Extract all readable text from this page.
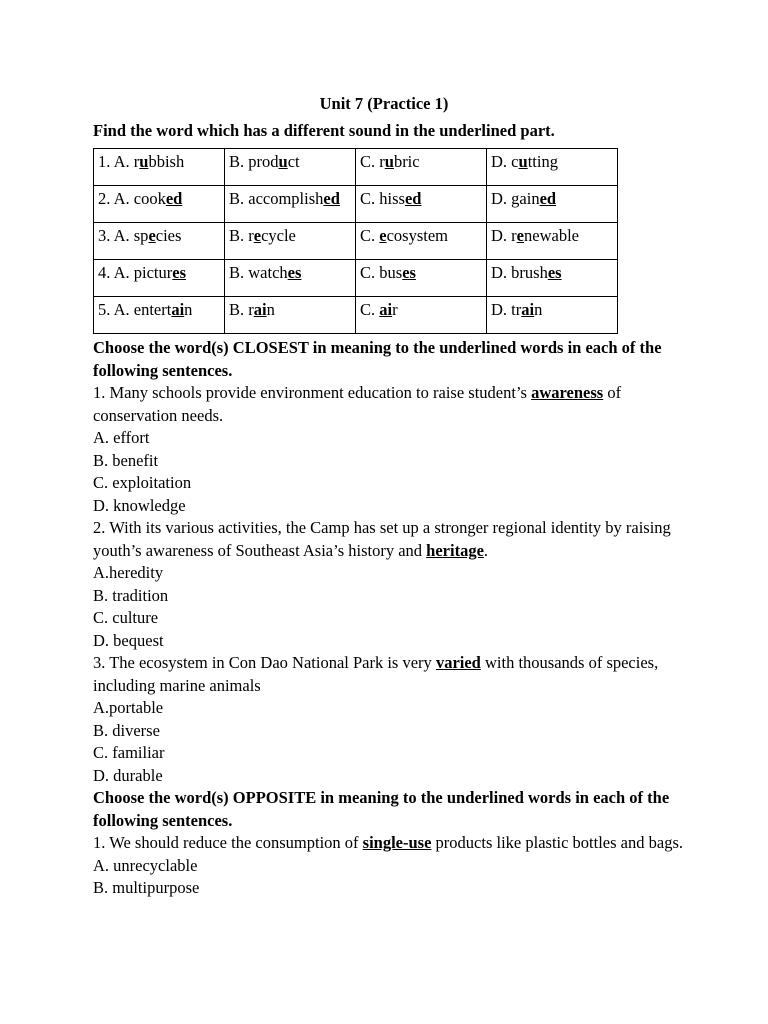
Unit 7 (Practice 1)

Find the word which has a different sound in the underlined part.

1. A. rubbish	B. product	C. rubric	D. cutting
2. A. cooked	B. accomplished	C. hissed	D. gained
3. A. species	B. recycle	C. ecosystem	D. renewable
4. A. pictures	B. watches	C. buses	D. brushes
5. A. entertain	B. rain	C. air	D. train

Choose the word(s) CLOSEST in meaning to the underlined words in each of the following sentences.

1. Many schools provide environment education to raise student’s awareness of conservation needs.

A. effort

B. benefit

C. exploitation

D. knowledge

2. With its various activities, the Camp has set up a stronger regional identity by raising youth’s awareness of Southeast Asia’s history and heritage.

A.heredity

B. tradition

C. culture

D. bequest

3. The ecosystem in Con Dao National Park is very varied with thousands of species, including marine animals

A.portable

B. diverse

C. familiar

D. durable

Choose the word(s) OPPOSITE in meaning to the underlined words in each of the following sentences.

1. We should reduce the consumption of single-use products like plastic bottles and bags.

A. unrecyclable

B. multipurpose
